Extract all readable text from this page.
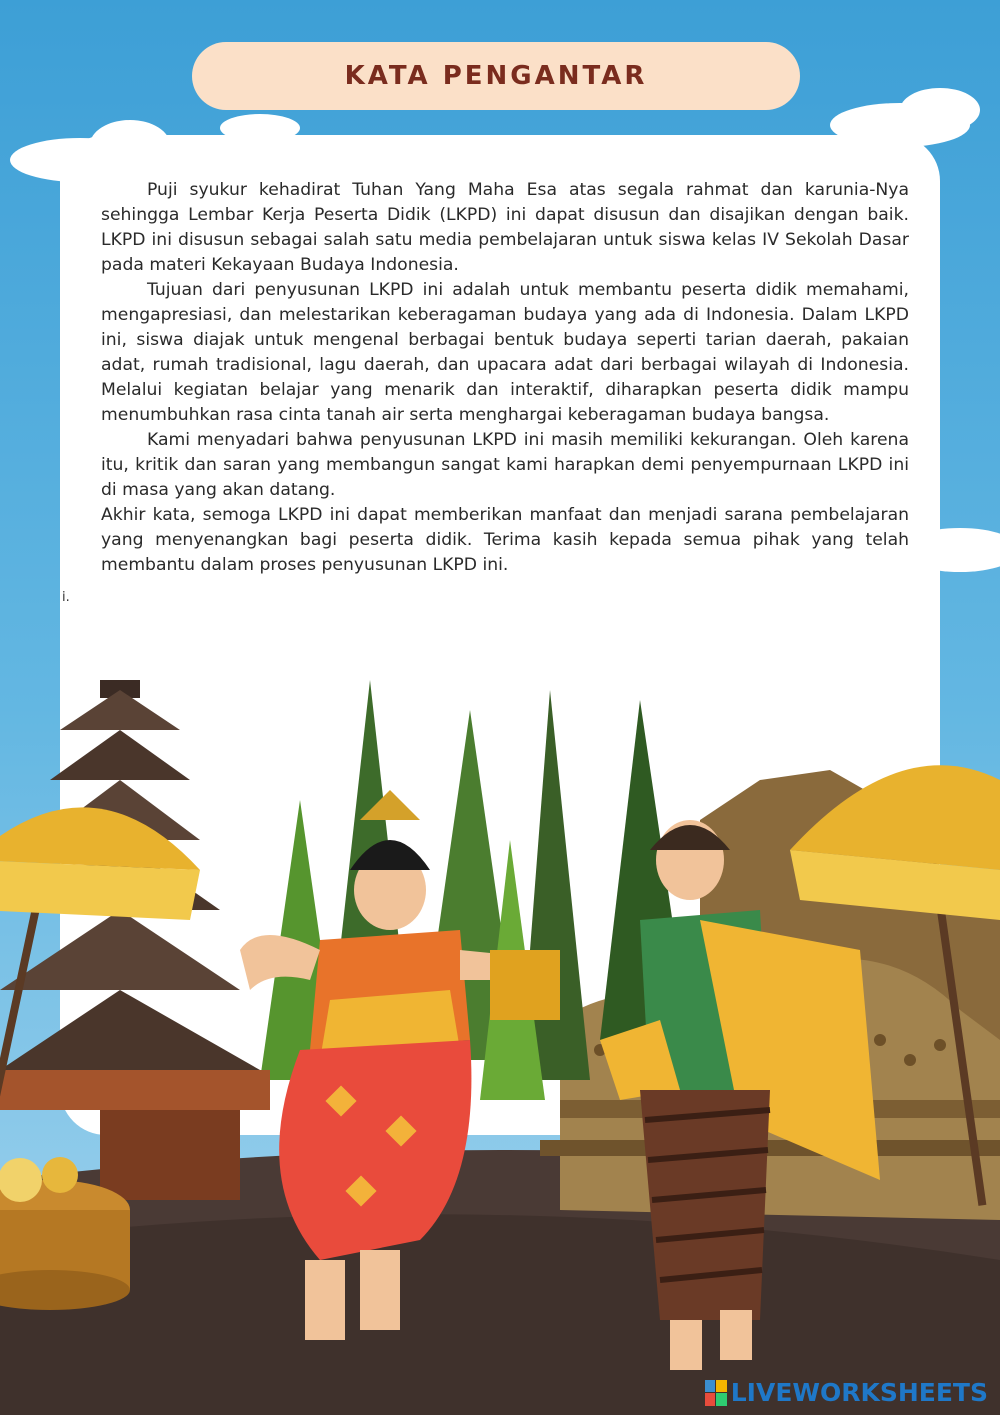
KATA PENGANTAR

Puji syukur kehadirat Tuhan Yang Maha Esa atas segala rahmat dan karunia-Nya sehingga Lembar Kerja Peserta Didik (LKPD) ini dapat disusun dan disajikan dengan baik. LKPD ini disusun sebagai salah satu media pembelajaran untuk siswa kelas IV Sekolah Dasar pada materi Kekayaan Budaya Indonesia.

Tujuan dari penyusunan LKPD ini adalah untuk membantu peserta didik memahami, mengapresiasi, dan melestarikan keberagaman budaya yang ada di Indonesia. Dalam LKPD ini, siswa diajak untuk mengenal berbagai bentuk budaya seperti tarian daerah, pakaian adat, rumah tradisional, lagu daerah, dan upacara adat dari berbagai wilayah di Indonesia. Melalui kegiatan belajar yang menarik dan interaktif, diharapkan peserta didik mampu menumbuhkan rasa cinta tanah air serta menghargai keberagaman budaya bangsa.

Kami menyadari bahwa penyusunan LKPD ini masih memiliki kekurangan. Oleh karena itu, kritik dan saran yang membangun sangat kami harapkan demi penyempurnaan LKPD ini di masa yang akan datang.

Akhir kata, semoga LKPD ini dapat memberikan manfaat dan menjadi sarana pembelajaran yang menyenangkan bagi peserta didik. Terima kasih kepada semua pihak yang telah membantu dalam proses penyusunan LKPD ini.

i.
LIVEWORKSHEETS
